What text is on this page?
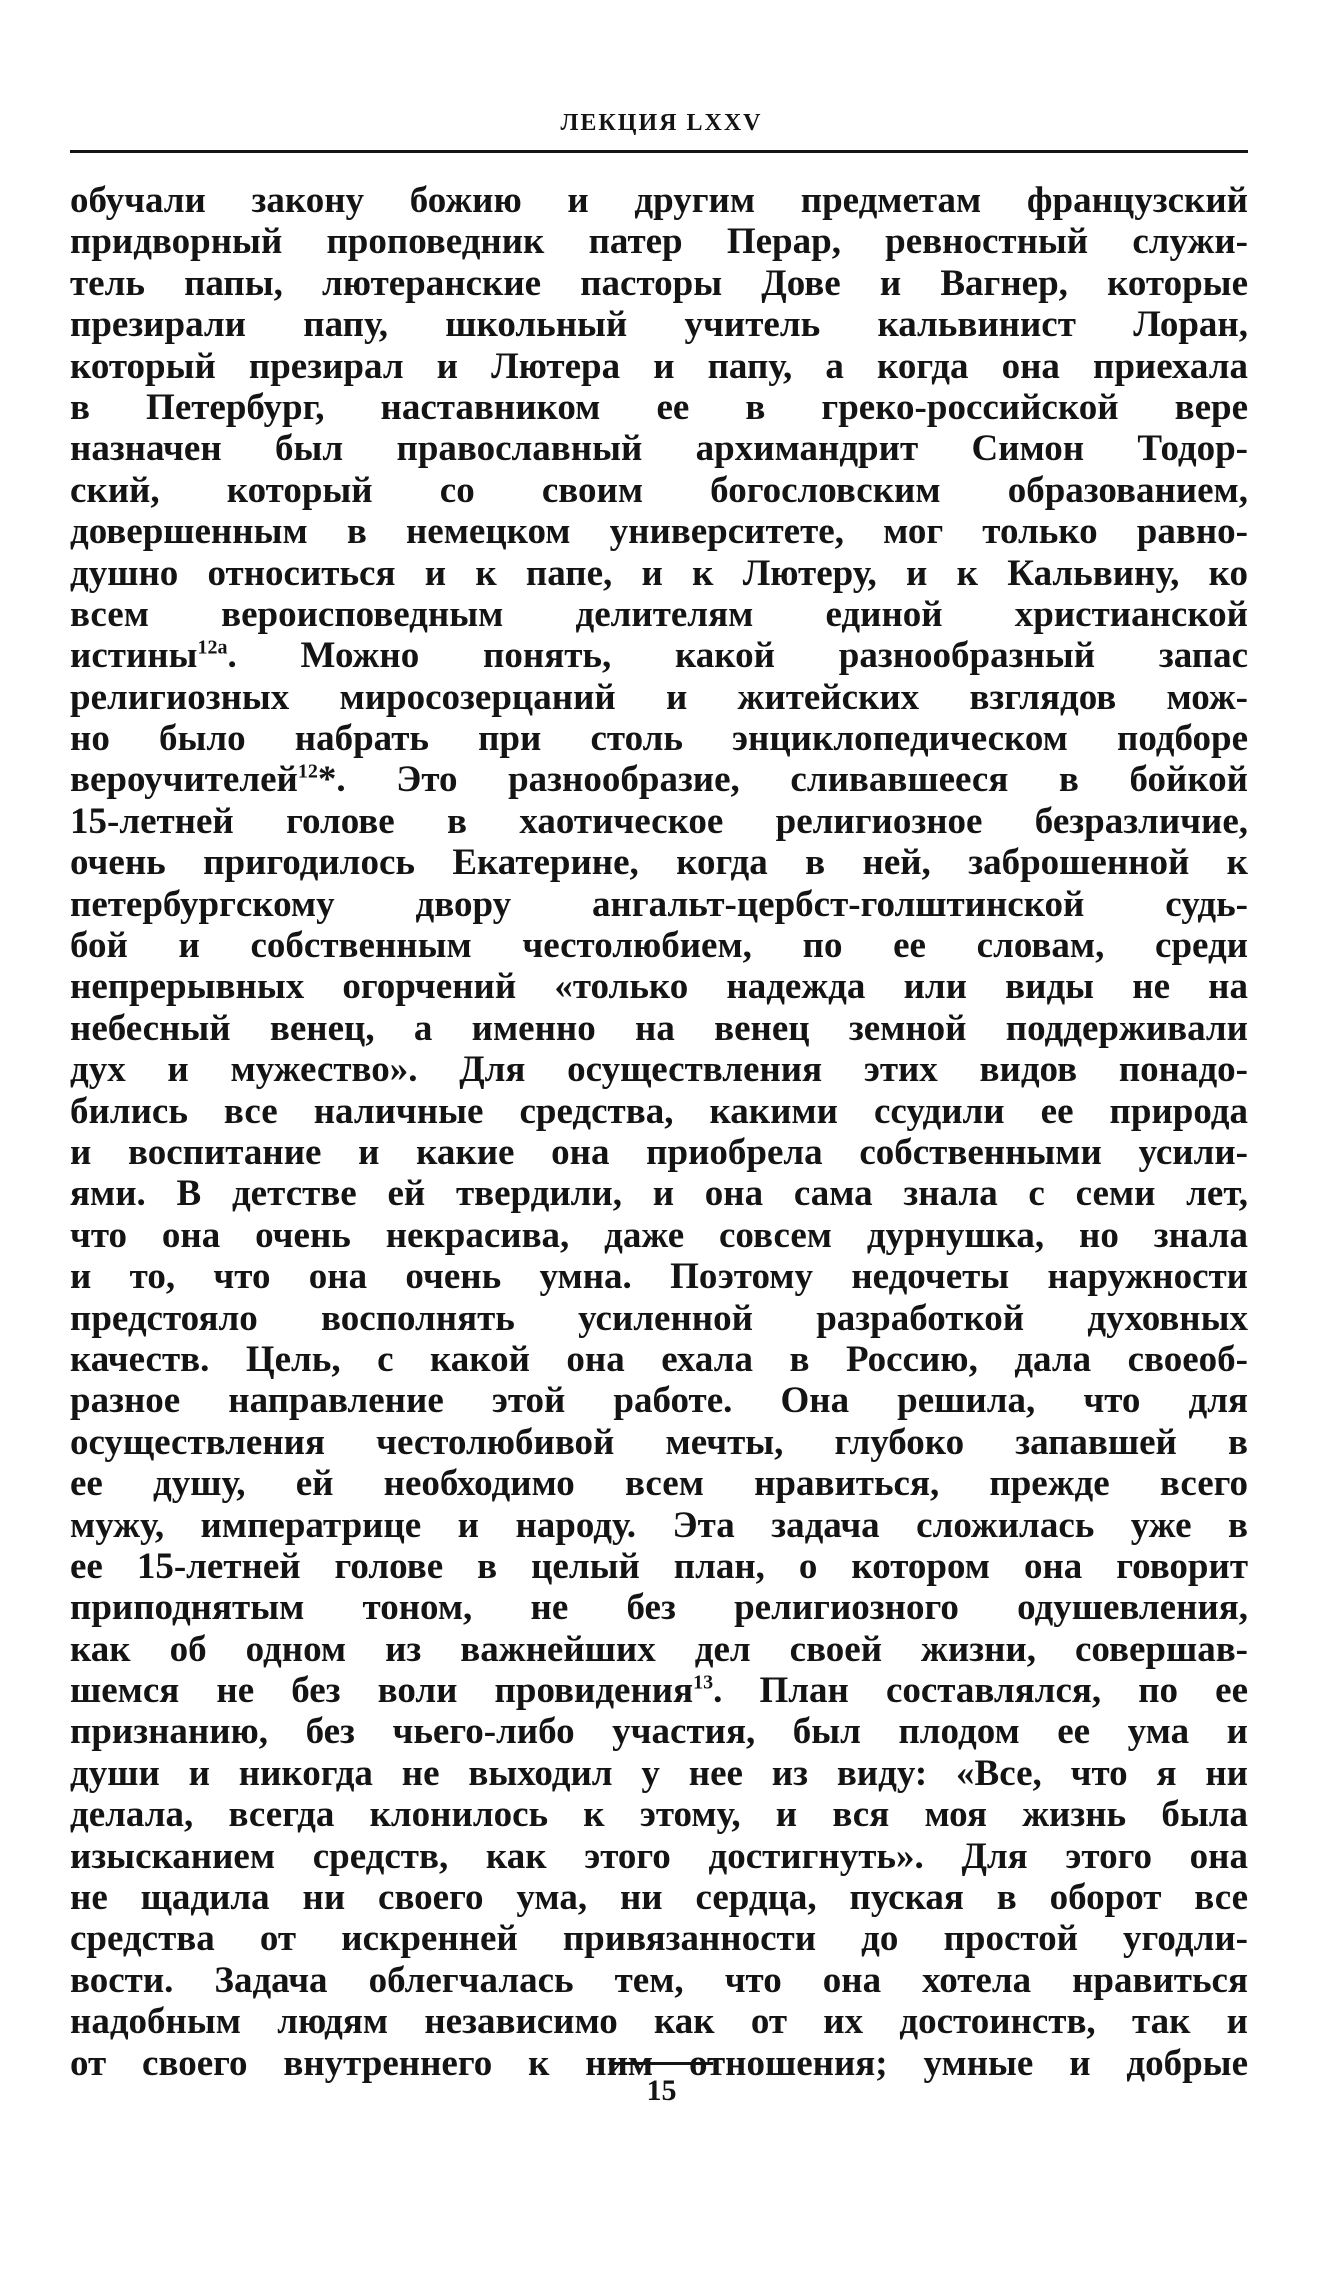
ЛЕКЦИЯ LXXV
обучали закону божию и другим предметам французский
придворный проповедник патер Перар, ревностный служи-
тель папы, лютеранские пасторы Дове и Вагнер, которые
презирали папу, школьный учитель кальвинист Лоран,
который презирал и Лютера и папу, а когда она приехала
в Петербург, наставником ее в греко-российской вере
назначен был православный архимандрит Симон Тодор-
ский, который со своим богословским образованием,
довершенным в немецком университете, мог только равно-
душно относиться и к папе, и к Лютеру, и к Кальвину, ко
всем вероисповедным делителям единой христианской
истины$^{12a}$. Можно понять, какой разнообразный запас
религиозных миросозерцаний и житейских взглядов мож-
но было набрать при столь энциклопедическом подборе
вероучителей$^{12}$*. Это разнообразие, сливавшееся в бойкой
15-летней голове в хаотическое религиозное безразличие,
очень пригодилось Екатерине, когда в ней, заброшенной к
петербургскому двору ангальт-цербст-голштинской судь-
бой и собственным честолюбием, по ее словам, среди
непрерывных огорчений «только надежда или виды не на
небесный венец, а именно на венец земной поддерживали
дух и мужество». Для осуществления этих видов понадо-
бились все наличные средства, какими ссудили ее природа
и воспитание и какие она приобрела собственными усили-
ями. В детстве ей твердили, и она сама знала с семи лет,
что она очень некрасива, даже совсем дурнушка, но знала
и то, что она очень умна. Поэтому недочеты наружности
предстояло восполнять усиленной разработкой духовных
качеств. Цель, с какой она ехала в Россию, дала своеоб-
разное направление этой работе. Она решила, что для
осуществления честолюбивой мечты, глубоко запавшей в
ее душу, ей необходимо всем нравиться, прежде всего
мужу, императрице и народу. Эта задача сложилась уже в
ее 15-летней голове в целый план, о котором она говорит
приподнятым тоном, не без религиозного одушевления,
как об одном из важнейших дел своей жизни, совершав-
шемся не без воли провидения$^{13}$. План составлялся, по ее
признанию, без чьего-либо участия, был плодом ее ума и
души и никогда не выходил у нее из виду: «Все, что я ни
делала, всегда клонилось к этому, и вся моя жизнь была
изысканием средств, как этого достигнуть». Для этого она
не щадила ни своего ума, ни сердца, пуская в оборот все
средства от искренней привязанности до простой угодли-
вости. Задача облегчалась тем, что она хотела нравиться
надобным людям независимо как от их достоинств, так и
от своего внутреннего к ним отношения; умные и добрые
15
